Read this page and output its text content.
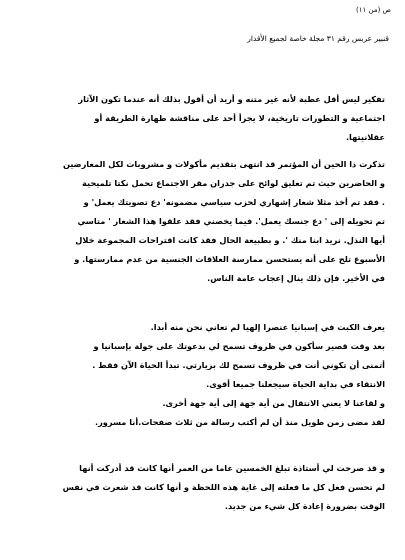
ص (من ١١)
قنبير عربس رقم ٣١ مجلة خاصة لجميع الأقدار
تفكير ليس أقل عطبة لأنه غير متنه و أريد أن أقول بذلك أنه عندما تكون الآثار
اجتماعية و التطورات تاريخية، لا يجرأ أحد على مناقشة طهارة الطريقة أو
عقلانيتها.
تذكرت ذا الحين أن المؤتمر قد انتهى بتقديم مأكولات و مشروبات لكل المعارضين
و الحاضرين حيث تم تعليق لوائح على جدران مقر الاجتماع تحمل نكتا تلميحية
. فقد تم أخذ مثلا شعار إشهاري لحزب سياسي مضمونه' دع تصويتك يعمل' و
تم تحويله إلى ' دع جنسك يعمل'. فيما يخصني فقد علقوا هذا الشعار ' متاسي
أيها النذل. نريد ابنا منك '. و بطبيعة الحال فقد كانت اقتراحات المجموعة خلال
الأسبوع تلح على أنه يستحسن ممارسة العلاقات الجنسية من عدم ممارستها. و
في الأخير. فإن ذلك ينال إعجاب عامة الناس.
يعرف الكبت في إسبانيا عنصرا إلهيا لم تعاني نحن منه أبدا.
بعد وقت قصير سأكون في ظروف تسمح لي بدعوتك على جولة بإسبانيا و
أتمنى أن تكوني أنت في ظروف تسمح لك بزيارتي. تبدأ الحياة الآن فقط .
الانتقاء في بداية الحياة سيجعلنا جميعا أقوى.
و لقاعنا لا يعني الانتقال من أية جهة إلى أية جهة أخرى.
لقد مضى زمن طويل منذ أن لم أكتب رسالة من ثلاث صفحات.أنا مسرور.
و قد صرحت لي أستاذة تبلغ الخمسين عاما من العمر أنها كانت قد أدركت أنها
لم تحسن فعل كل ما فعلته إلى غاية هذه اللحظة و أنها كانت قد شعرت في نفس
الوقت بضرورة إعادة كل شيء من جديد.
